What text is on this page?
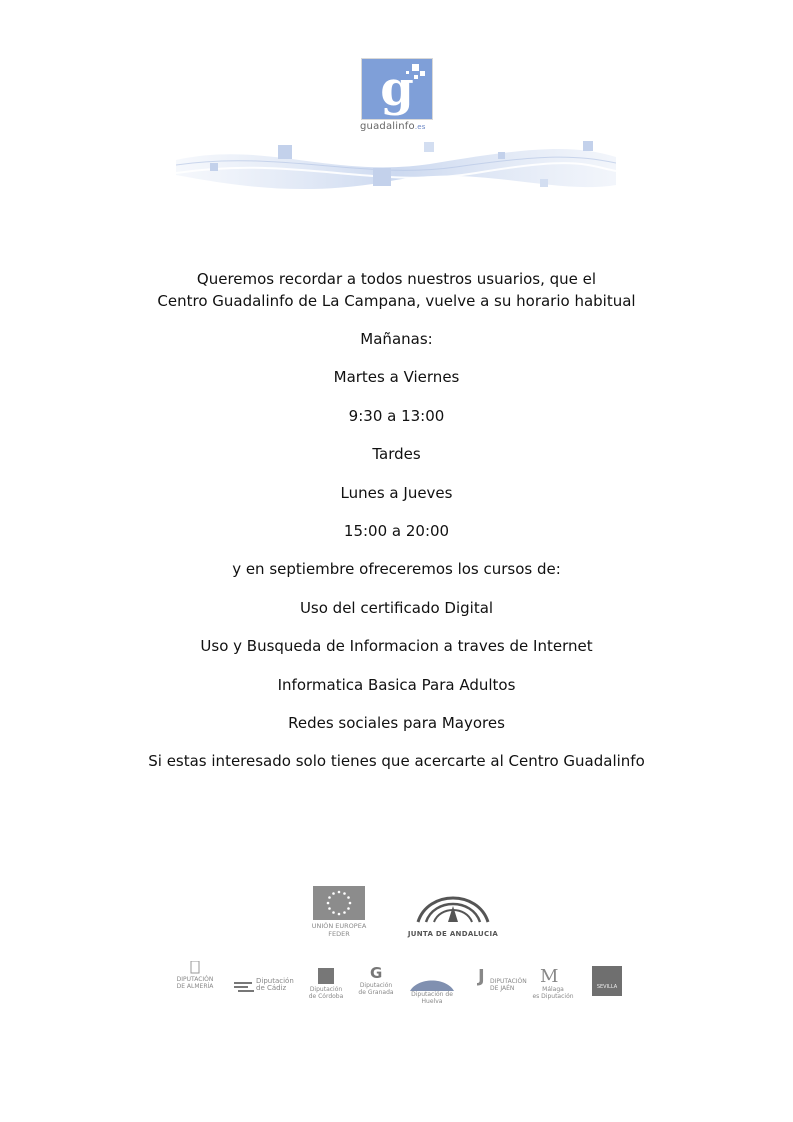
g
guadalinfo.es

Queremos recordar a todos nuestros usuarios, que el
Centro Guadalinfo de La Campana, vuelve a su horario habitual

Mañanas:

Martes a Viernes

9:30 a 13:00

Tardes

Lunes a Jueves

15:00 a 20:00

y en septiembre ofreceremos los cursos de:

Uso del certificado Digital

Uso y Busqueda de Informacion a traves de Internet

Informatica Basica Para Adultos

Redes sociales para Mayores

Si estas interesado solo tienes que acercarte al Centro Guadalinfo

UNIÓN EUROPEA
FEDER	JUNTA DE ANDALUCIA
DIPUTACIÓN
DE ALMERÍA
Diputación
de Cádiz	Diputación
de Córdoba
G
Diputación
de Granada	Diputación de Huelva
J DIPUTACIÓN
DE JAÉN
M
Málaga
es Diputación
SEVILLA
